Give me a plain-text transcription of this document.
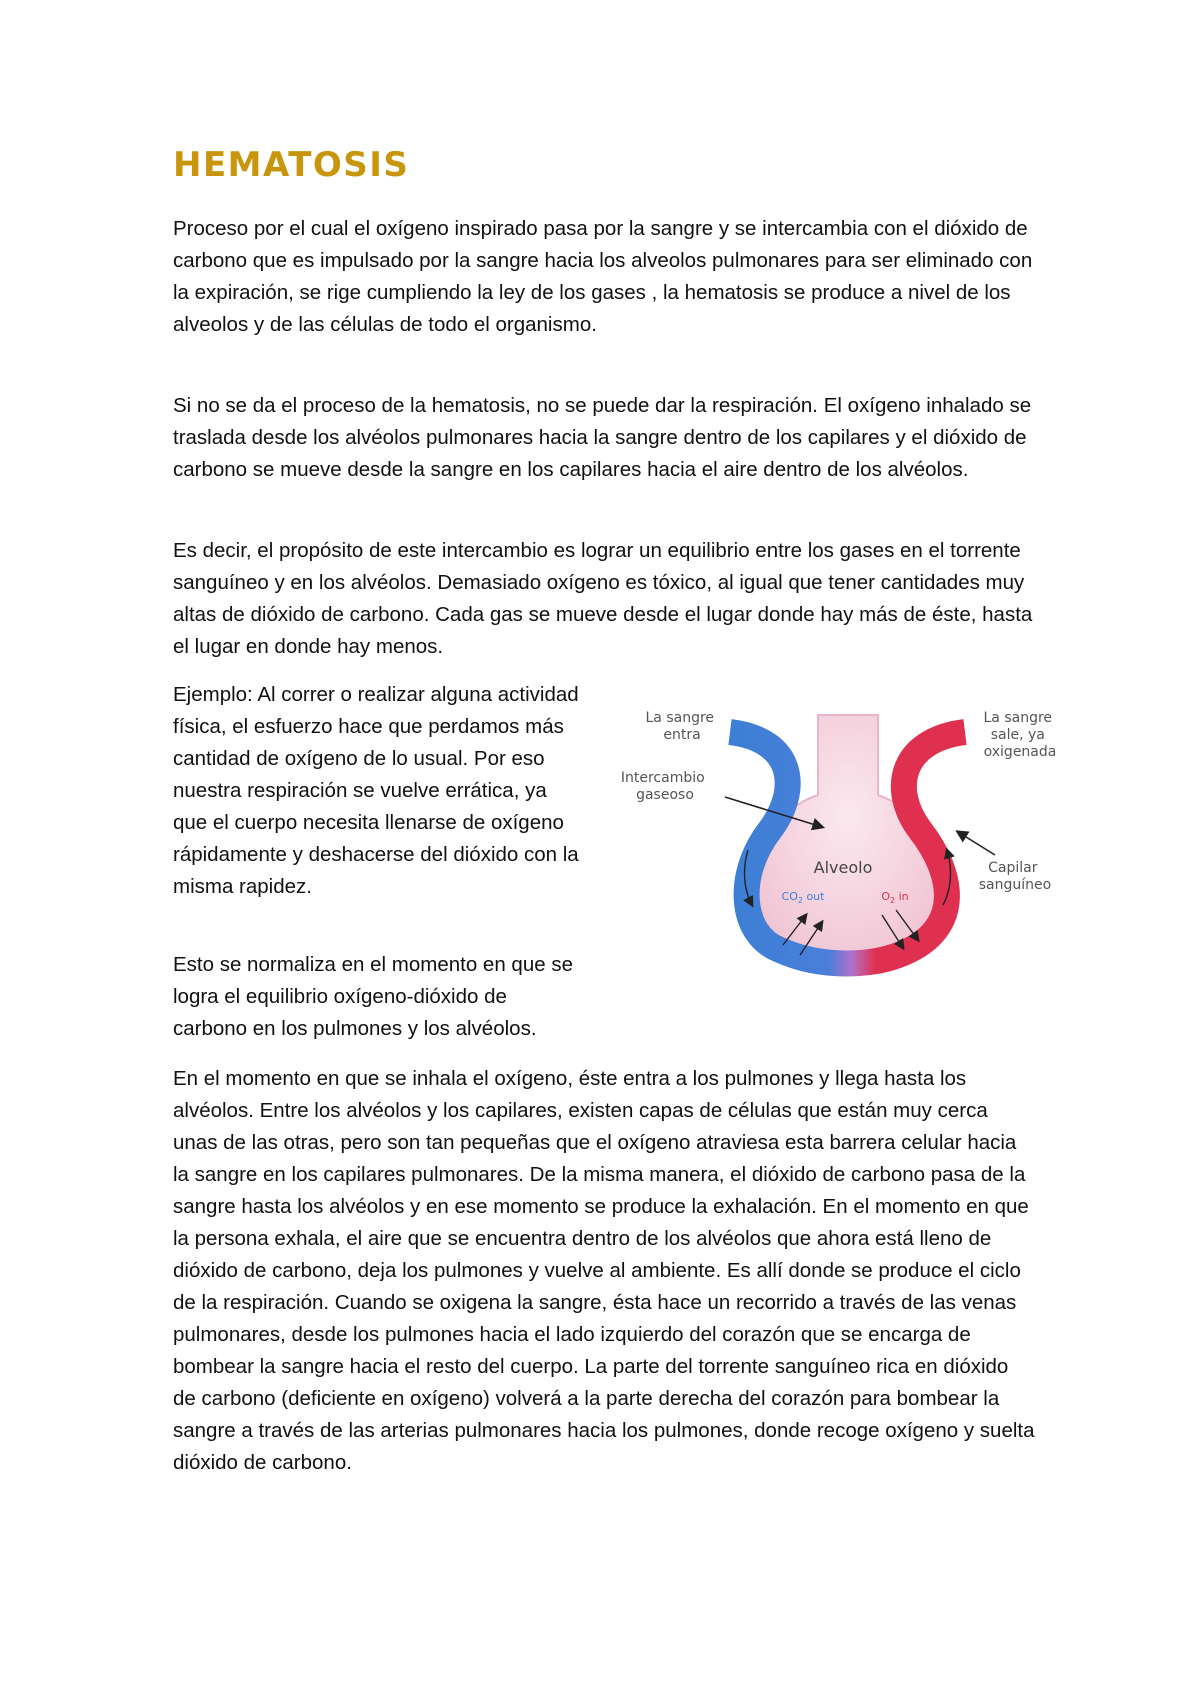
HEMATOSIS

Proceso por el cual el oxígeno inspirado pasa por la sangre y se intercambia con el dióxido de carbono que es impulsado por la sangre hacia los alveolos pulmonares para ser eliminado con la expiración, se rige cumpliendo la ley de los gases , la hematosis se produce a nivel de los alveolos y de las células de todo el organismo.

Si no se da el proceso de la hematosis, no se puede dar la respiración. El oxígeno inhalado se traslada desde los alvéolos pulmonares hacia la sangre dentro de los capilares y el dióxido de carbono se mueve desde la sangre en los capilares hacia el aire dentro de los alvéolos.

Es decir, el propósito de este intercambio es lograr un equilibrio entre los gases en el torrente sanguíneo y en los alvéolos. Demasiado oxígeno es tóxico, al igual que tener cantidades muy altas de dióxido de carbono. Cada gas se mueve desde el lugar donde hay más de éste, hasta el lugar en donde hay menos.

Ejemplo: Al correr o realizar alguna actividad física, el esfuerzo hace que perdamos más cantidad de oxígeno de lo usual. Por eso nuestra respiración se vuelve errática, ya que el cuerpo necesita llenarse de oxígeno rápidamente y deshacerse del dióxido con la misma rapidez.

Esto se normaliza en el momento en que se logra el equilibrio oxígeno-dióxido de carbono en los pulmones y los alvéolos.

En el momento en que se inhala el oxígeno, éste entra a los pulmones y llega hasta los alvéolos. Entre los alvéolos y los capilares, existen capas de células que están muy cerca unas de las otras, pero son tan pequeñas que el oxígeno atraviesa esta barrera celular hacia la sangre en los capilares pulmonares. De la misma manera, el dióxido de carbono pasa de la sangre hasta los alvéolos y en ese momento se produce la exhalación. En el momento en que la persona exhala, el aire que se encuentra dentro de los alvéolos que ahora está lleno de dióxido de carbono, deja los pulmones y vuelve al ambiente. Es allí donde se produce el ciclo de la respiración. Cuando se oxigena la sangre, ésta hace un recorrido a través de las venas pulmonares, desde los pulmones hacia el lado izquierdo del corazón que se encarga de bombear la sangre hacia el resto del cuerpo. La parte del torrente sanguíneo rica en dióxido de carbono (deficiente en oxígeno) volverá a la parte derecha del corazón para bombear la sangre a través de las arterias pulmonares hacia los pulmones, donde recoge oxígeno y suelta dióxido de carbono.

La sangre entra
La sangre sale, ya oxigenada
Intercambio gaseoso
Alveolo
$CO_2$ out	$O_2$ in
Capilar sanguíneo
